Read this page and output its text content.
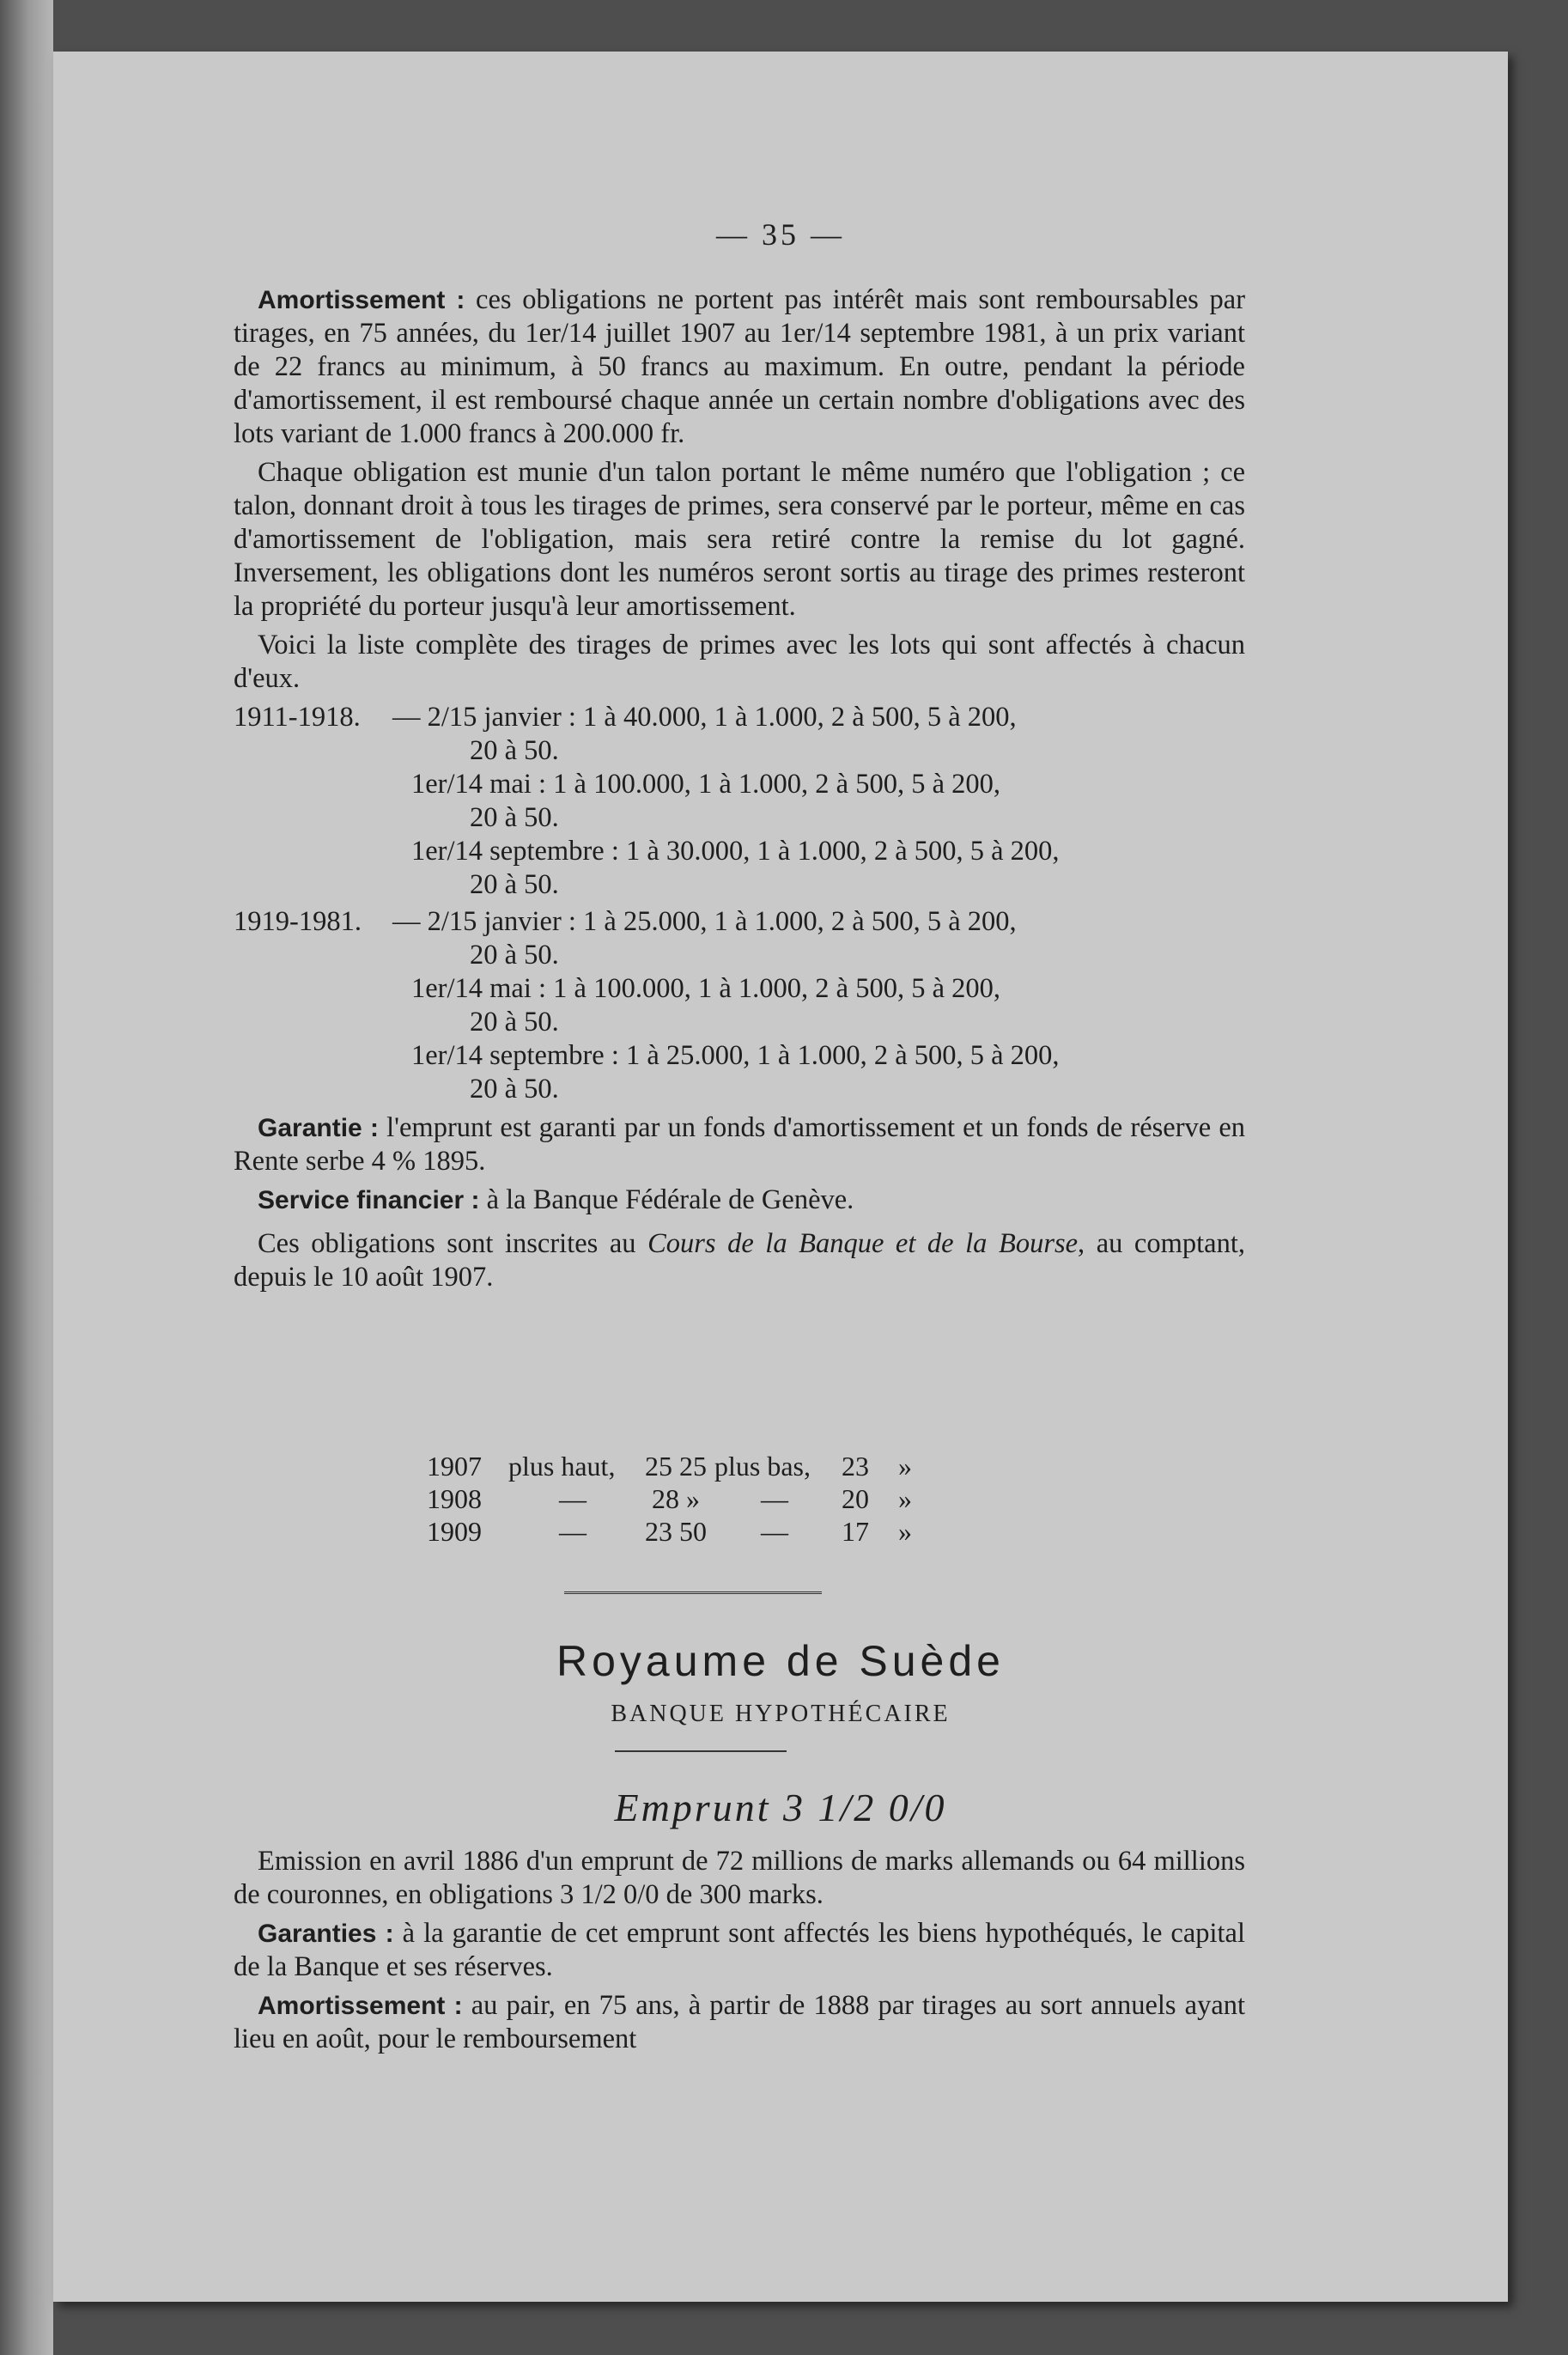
— 35 —

Amortissement : ces obligations ne portent pas intérêt mais sont remboursables par tirages, en 75 années, du 1er/14 juillet 1907 au 1er/14 septembre 1981, à un prix variant de 22 francs au minimum, à 50 francs au maximum. En outre, pendant la période d'amortissement, il est remboursé chaque année un certain nombre d'obligations avec des lots variant de 1.000 francs à 200.000 fr.

Chaque obligation est munie d'un talon portant le même numéro que l'obligation ; ce talon, donnant droit à tous les tirages de primes, sera conservé par le porteur, même en cas d'amortissement de l'obligation, mais sera retiré contre la remise du lot gagné. Inversement, les obligations dont les numéros seront sortis au tirage des primes resteront la propriété du porteur jusqu'à leur amortissement.

Voici la liste complète des tirages de primes avec les lots qui sont affectés à chacun d'eux.

1911-1918.	— 2/15 janvier : 1 à 40.000, 1 à 1.000, 2 à 500, 5 à 200,
20 à 50.
1er/14 mai : 1 à 100.000, 1 à 1.000, 2 à 500, 5 à 200,
20 à 50.
1er/14 septembre : 1 à 30.000, 1 à 1.000, 2 à 500, 5 à 200,
20 à 50.
1919-1981.	— 2/15 janvier : 1 à 25.000, 1 à 1.000, 2 à 500, 5 à 200,
20 à 50.
1er/14 mai : 1 à 100.000, 1 à 1.000, 2 à 500, 5 à 200,
20 à 50.
1er/14 septembre : 1 à 25.000, 1 à 1.000, 2 à 500, 5 à 200,
20 à 50.

Garantie : l'emprunt est garanti par un fonds d'amortissement et un fonds de réserve en Rente serbe 4 % 1895.

Service financier : à la Banque Fédérale de Genève.

Ces obligations sont inscrites au Cours de la Banque et de la Bourse, au comptant, depuis le 10 août 1907.

1907 plus haut,	25 25 plus bas,	23	»
1908	—	28 »	—	20	»
1909	—	23 50	—	17	»
Royaume de Suède
BANQUE HYPOTHÉCAIRE
Emprunt 3 1/2 0/0

Emission en avril 1886 d'un emprunt de 72 millions de marks allemands ou 64 millions de couronnes, en obligations 3 1/2 0/0 de 300 marks.

Garanties : à la garantie de cet emprunt sont affectés les biens hypothéqués, le capital de la Banque et ses réserves.

Amortissement : au pair, en 75 ans, à partir de 1888 par tirages au sort annuels ayant lieu en août, pour le remboursement
